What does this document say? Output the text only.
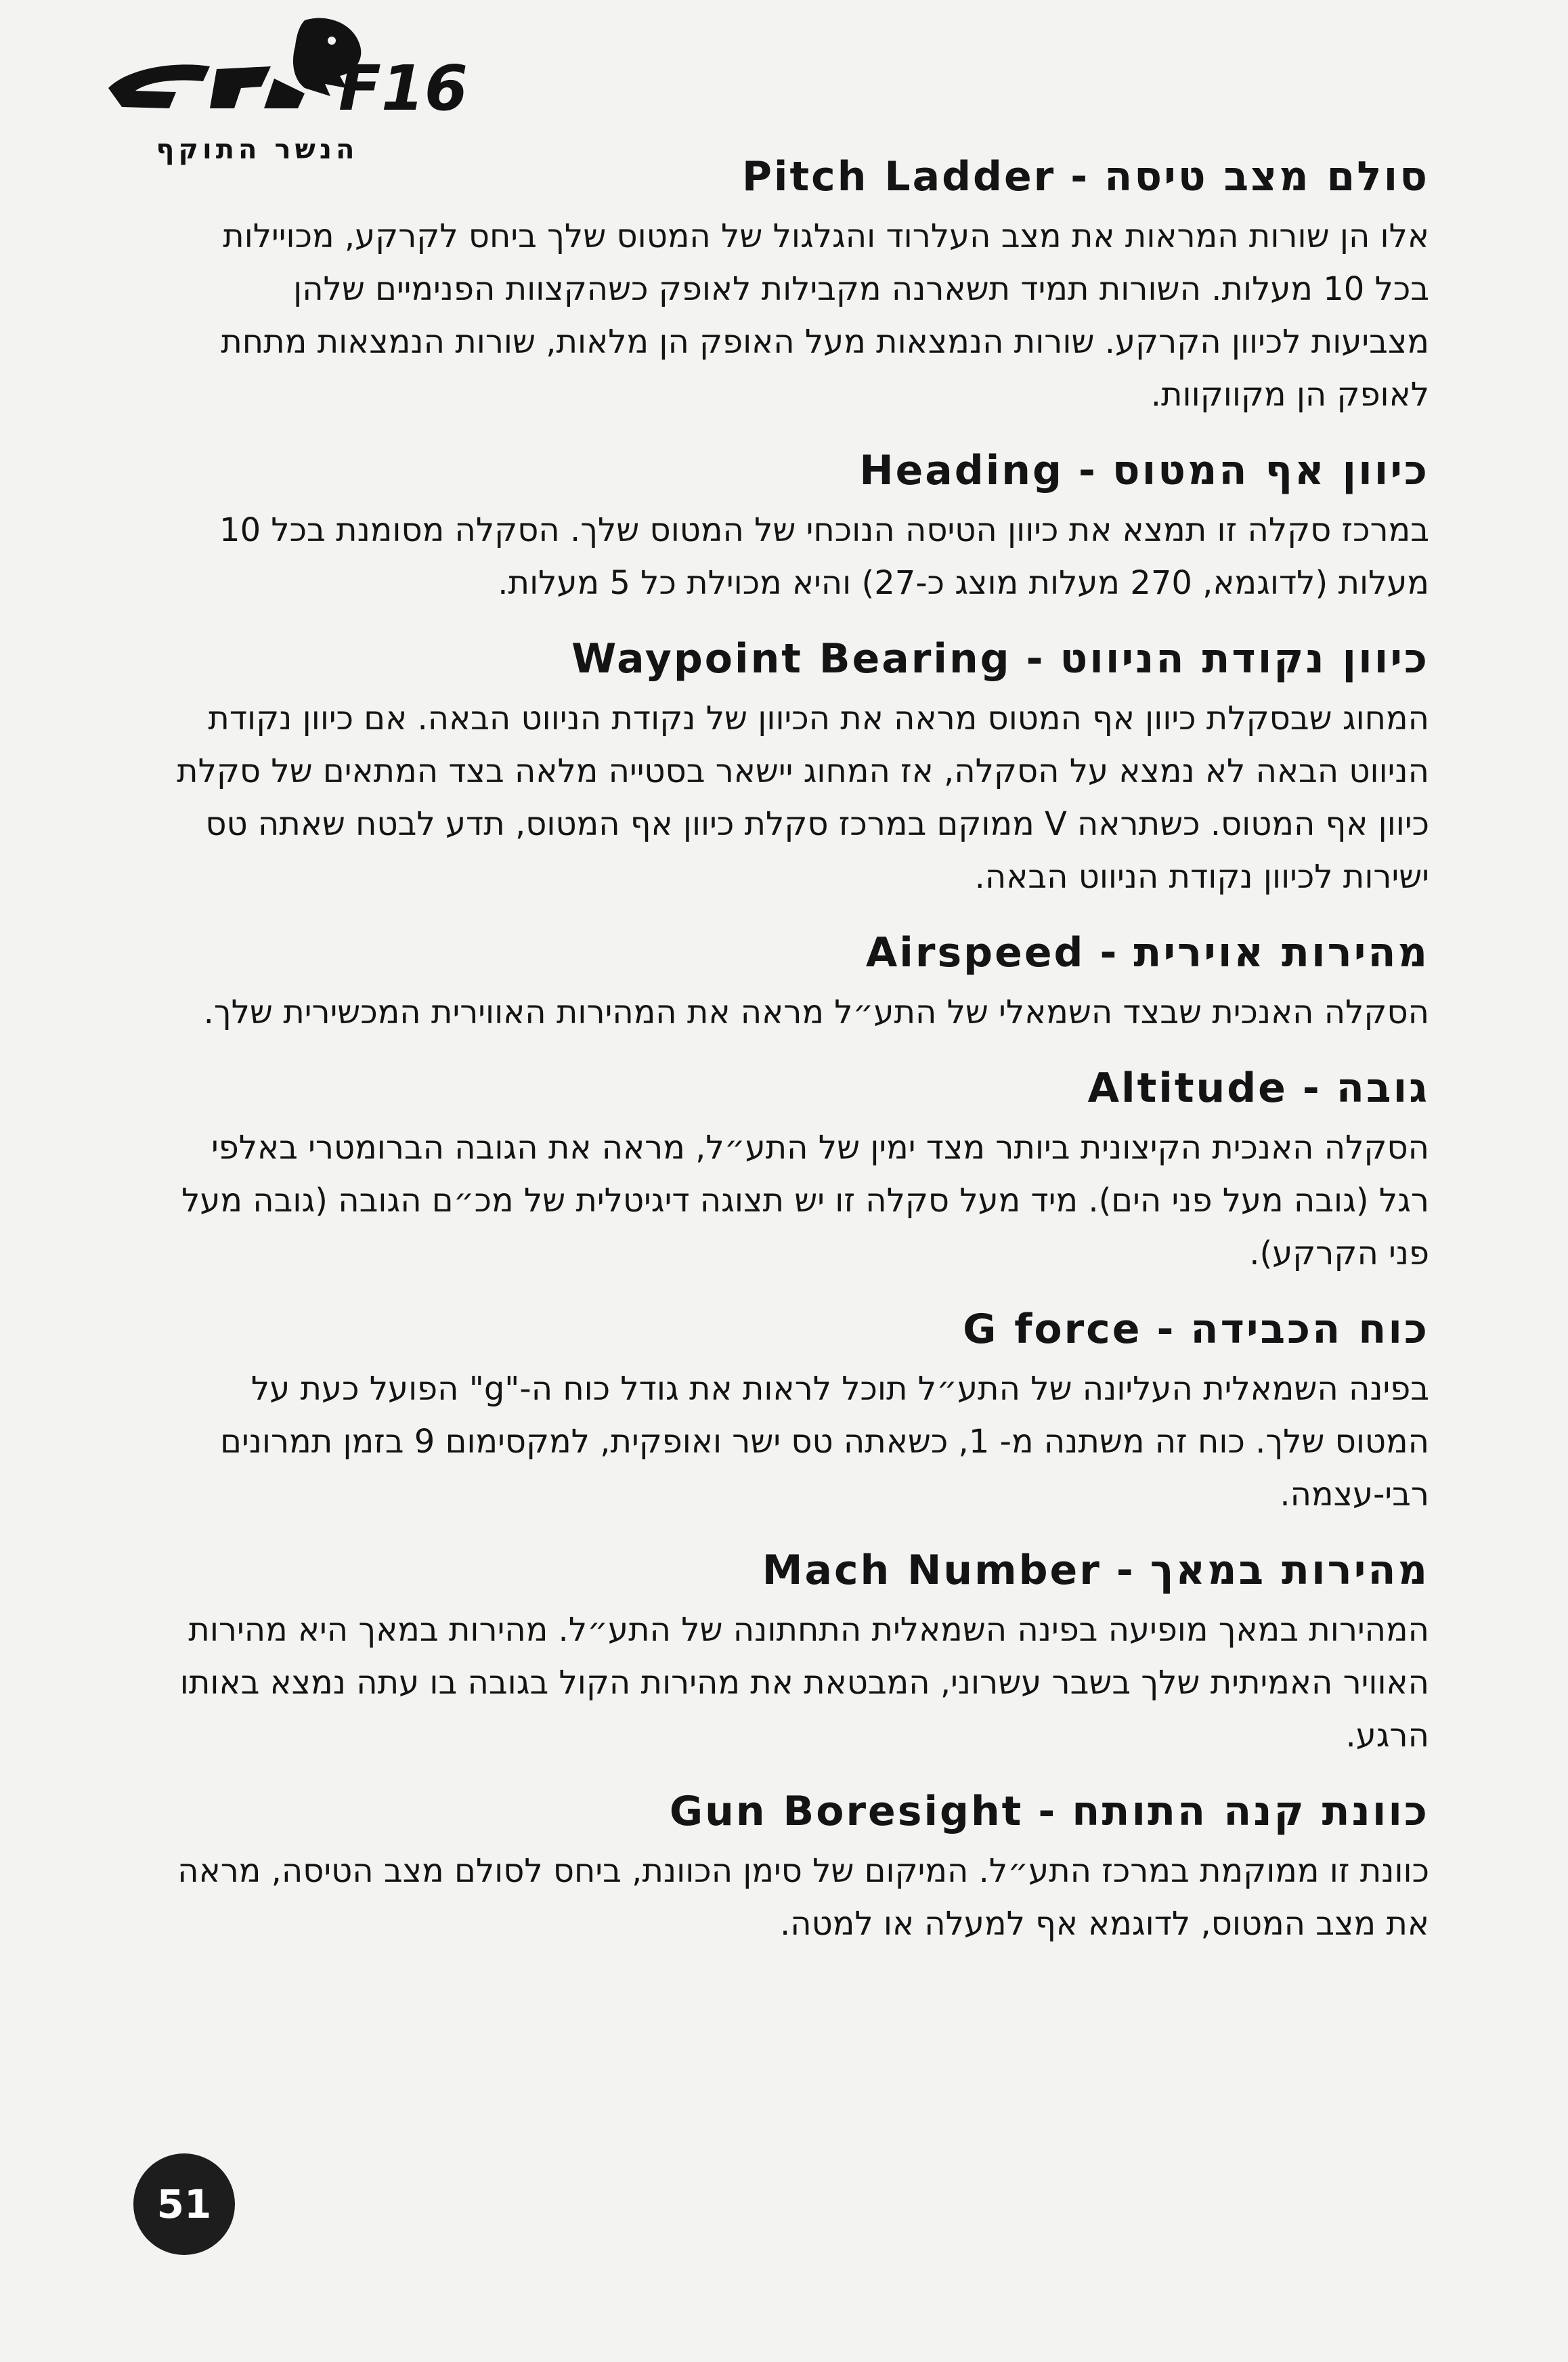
F16
הנשר התוקף
סולם מצב טיסה-Pitch Ladder

אלו הן שורות המראות את מצב העלרוד והגלגול של המטוס שלך ביחס לקרקע, מכויילות בכל 10 מעלות. השורות תמיד תשארנה מקבילות לאופק כשהקצוות הפנימיים שלהן מצביעות לכיוון הקרקע. שורות הנמצאות מעל האופק הן מלאות, שורות הנמצאות מתחת לאופק הן מקווקוות.

כיוון אף המטוס-Heading

במרכז סקלה זו תמצא את כיוון הטיסה הנוכחי של המטוס שלך. הסקלה מסומנת בכל 10 מעלות (לדוגמא, 270 מעלות מוצג כ-27) והיא מכוילת כל 5 מעלות.

כיוון נקודת הניווט-Waypoint Bearing

המחוג שבסקלת כיוון אף המטוס מראה את הכיוון של נקודת הניווט הבאה. אם כיוון נקודת הניווט הבאה לא נמצא על הסקלה, אז המחוג יישאר בסטייה מלאה בצד המתאים של סקלת כיוון אף המטוס. כשתראה V ממוקם במרכז סקלת כיוון אף המטוס, תדע לבטח שאתה טס ישירות לכיוון נקודת הניווט הבאה.

מהירות אוירית-Airspeed

הסקלה האנכית שבצד השמאלי של התע״ל מראה את המהירות האווירית המכשירית שלך.

גובה-Altitude

הסקלה האנכית הקיצונית ביותר מצד ימין של התע״ל, מראה את הגובה הברומטרי באלפי רגל (גובה מעל פני הים). מיד מעל סקלה זו יש תצוגה דיגיטלית של מכ״ם הגובה (גובה מעל פני הקרקע).

כוח הכבידה-G force

בפינה השמאלית העליונה של התע״ל תוכל לראות את גודל כוח ה-"g" הפועל כעת על המטוס שלך. כוח זה משתנה מ- 1, כשאתה טס ישר ואופקית, למקסימום 9 בזמן תמרונים רבי-עצמה.

מהירות במאך-Mach Number

המהירות במאך מופיעה בפינה השמאלית התחתונה של התע״ל. מהירות במאך היא מהירות האוויר האמיתית שלך בשבר עשרוני, המבטאת את מהירות הקול בגובה בו עתה נמצא באותו הרגע.

כוונת קנה התותח-Gun Boresight

כוונת זו ממוקמת במרכז התע״ל. המיקום של סימן הכוונת, ביחס לסולם מצב הטיסה, מראה את מצב המטוס, לדוגמא אף למעלה או למטה.

51
